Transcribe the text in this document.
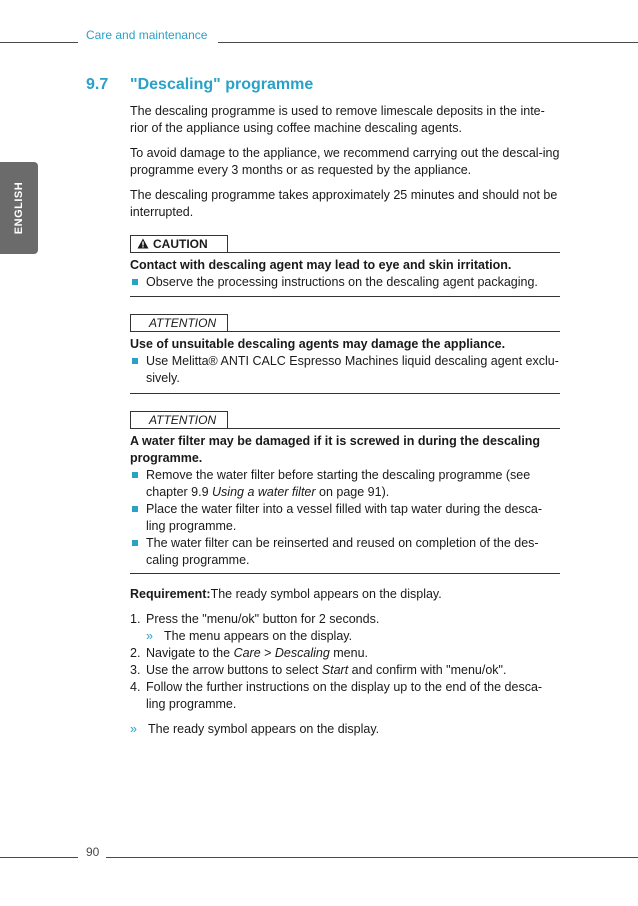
Care and maintenance
ENGLISH
9.7 "Descaling" programme

The descaling programme is used to remove limescale deposits in the inte-rior of the appliance using coffee machine descaling agents.

To avoid damage to the appliance, we recommend carrying out the descal-ing programme every 3 months or as requested by the appliance.

The descaling programme takes approximately 25 minutes and should not be interrupted.

CAUTION
Contact with descaling agent may lead to eye and skin irritation.
Observe the processing instructions on the descaling agent packaging.
ATTENTION
Use of unsuitable descaling agents may damage the appliance.
Use Melitta® ANTI CALC Espresso Machines liquid descaling agent exclu-sively.
ATTENTION
A water filter may be damaged if it is screwed in during the descaling programme.
Remove the water filter before starting the descaling programme (see chapter 9.9 Using a water filter on page 91).
Place the water filter into a vessel filled with tap water during the desca-ling programme.
The water filter can be reinserted and reused on completion of the des-caling programme.
Requirement:The ready symbol appears on the display.
1. Press the "menu/ok" button for 2 seconds.
» The menu appears on the display.
2. Navigate to the Care > Descaling menu.
3. Use the arrow buttons to select Start and confirm with "menu/ok".
4. Follow the further instructions on the display up to the end of the desca-ling programme.
» The ready symbol appears on the display.
90
